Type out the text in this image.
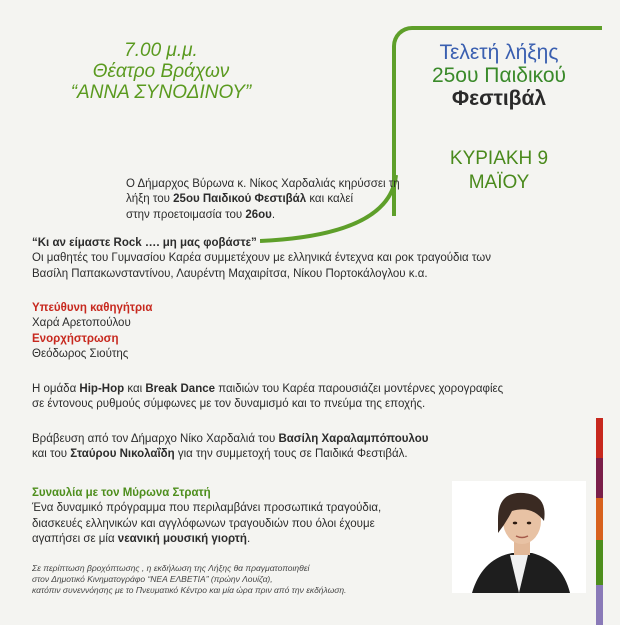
7.00 μ.μ.
Θέατρο Βράχων
“ΑΝΝΑ ΣΥΝΟΔΙΝΟΥ”
Τελετή λήξης
25ου Παιδικού
Φεστιβάλ
ΚΥΡΙΑΚΗ 9
ΜΑΪΟΥ
Ο Δήμαρχος Βύρωνα κ. Νίκος Χαρδαλιάς κηρύσσει τη
λήξη του 25ου Παιδικού Φεστιβάλ και καλεί
στην προετοιμασία του 26ου.
“Κι αν είμαστε Rock …. μη μας φοβάστε”
Οι μαθητές του Γυμνασίου Καρέα συμμετέχουν με ελληνικά έντεχνα και ροκ τραγούδια των
Βασίλη Παπακωνσταντίνου, Λαυρέντη Μαχαιρίτσα, Νίκου Πορτοκάλογλου κ.α.
Υπεύθυνη καθηγήτρια
Χαρά Αρετοπούλου
Ενορχήστρωση
Θεόδωρος Σιούτης
Η ομάδα Hip-Hop και Break Dance παιδιών του Καρέα παρουσιάζει μοντέρνες χορογραφίες
σε έντονους ρυθμούς σύμφωνες με τον δυναμισμό και το πνεύμα της εποχής.
Βράβευση από τον Δήμαρχο Νίκο Χαρδαλιά του Βασίλη Χαραλαμπόπουλου
και του Σταύρου Νικολαΐδη για την συμμετοχή τους σε Παιδικά Φεστιβάλ.
Συναυλία με τον Μύρωνα Στρατή
Ένα δυναμικό πρόγραμμα που περιλαμβάνει προσωπικά τραγούδια,
διασκευές ελληνικών και αγγλόφωνων τραγουδιών που όλοι έχουμε
αγαπήσει σε μία νεανική μουσική γιορτή.
Σε περίπτωση βροχόπτωσης , η εκδήλωση της Λήξης θα πραγματοποιηθεί
στον Δημοτικό Κινηματογράφο “ΝΕΑ ΕΛΒΕΤΙΑ” (πρώην Λουίζα),
κατόπιν συνεννόησης με το Πνευματικό Κέντρο και μία ώρα πριν από την εκδήλωση.
